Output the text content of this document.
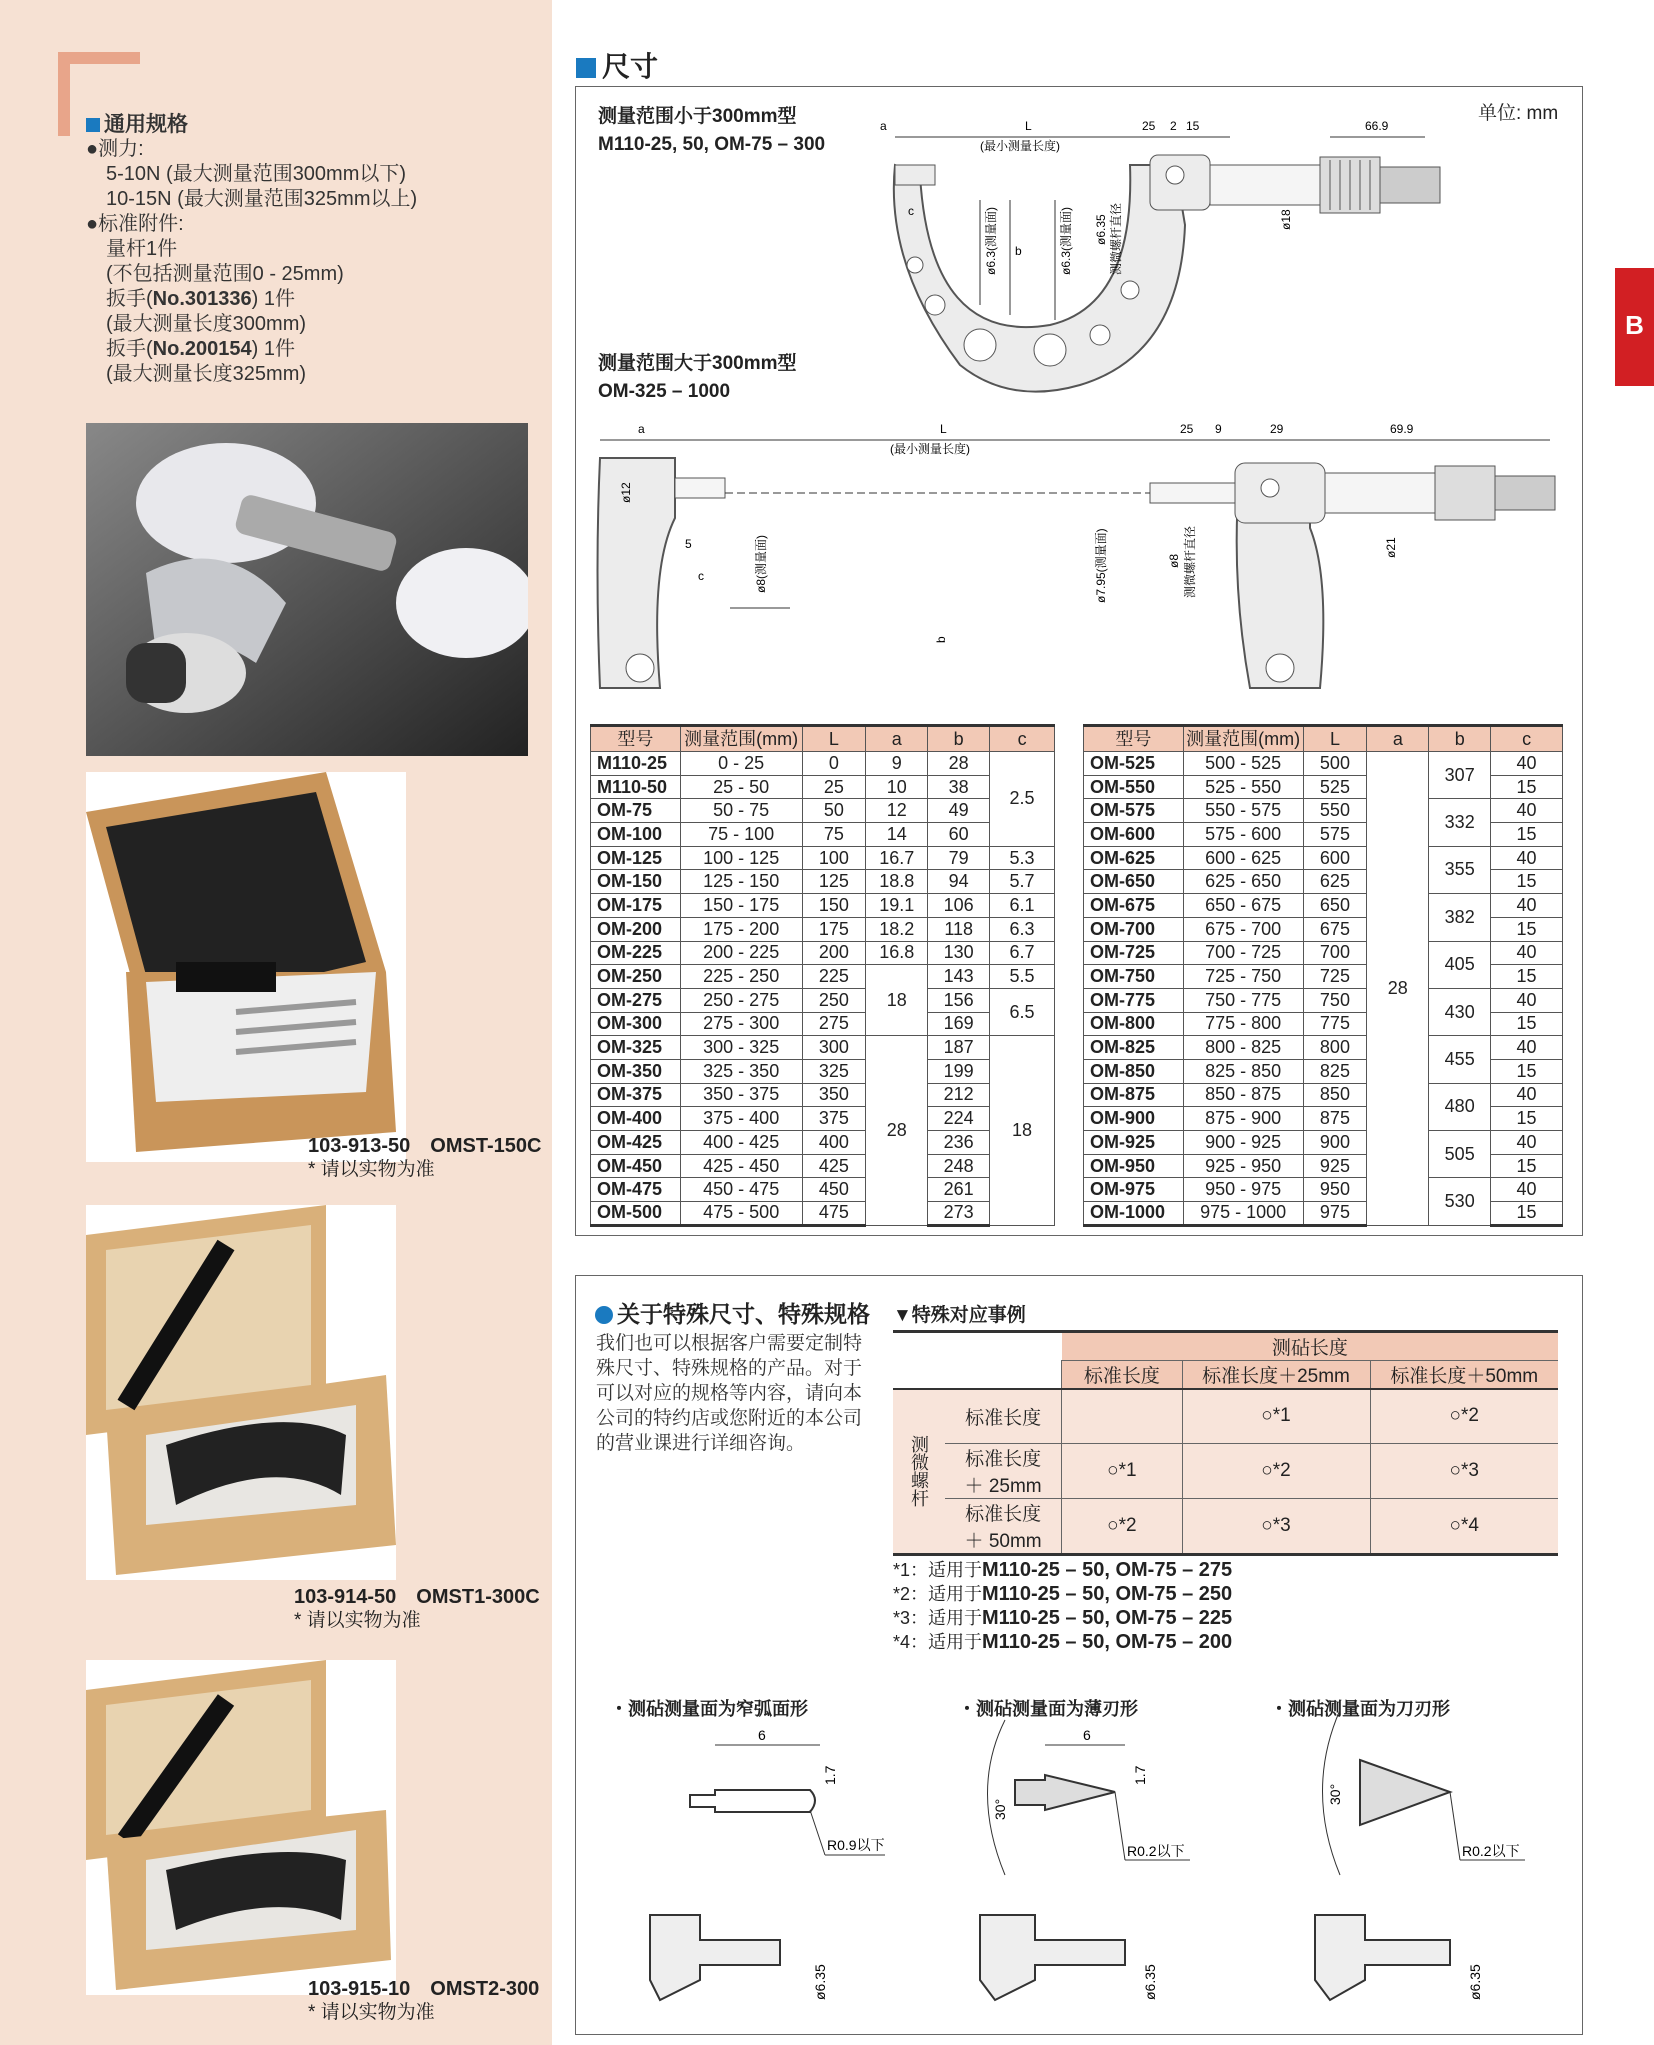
通用规格
●测力:
5-10N (最大测量范围300mm以下)
10-15N (最大测量范围325mm以上)
●标准附件:
量杆1件
(不包括测量范围0 - 25mm)
扳手(No.301336) 1件
(最大测量长度300mm)
扳手(No.200154) 1件
(最大测量长度325mm)
103-913-50　OMST-150C
* 请以实物为准
103-914-50　OMST1-300C
* 请以实物为准
103-915-10　OMST2-300
* 请以实物为准
尺寸
B
单位: mm
测量范围小于300mm型
M110-25, 50, OM-75 – 300
测量范围大于300mm型
OM-325 – 1000
a	L
(最小测量长度)
25 2 15	66.9
c
b
ø6.3(测量面)	ø6.3(测量面) ø6.35 测微螺杆直径	ø18
a	L
(最小测量长度)
25 9	29	69.9
ø12
5
c
b
ø8(测量面)	ø7.95(测量面)	ø8 测微螺杆直径	ø21
型号	测量范围(mm)	L	a	b	c
M110-25	0 - 25	0	9	28	2.5
M110-50	25 - 50	25	10	38	
OM-75	50 - 75	50	12	49	
OM-100	75 - 100	75	14	60	
OM-125	100 - 125	100	16.7	79	5.3
OM-150	125 - 150	125	18.8	94	5.7
OM-175	150 - 175	150	19.1	106	6.1
OM-200	175 - 200	175	18.2	118	6.3
OM-225	200 - 225	200	16.8	130	6.7
OM-250	225 - 250	225	18	143	5.5
OM-275	250 - 275	250		156	6.5
OM-300	275 - 300	275		169	
OM-325	300 - 325	300	28	187	18
OM-350	325 - 350	325		199	
OM-375	350 - 375	350		212	
OM-400	375 - 400	375		224	
OM-425	400 - 425	400		236	
OM-450	425 - 450	425		248	
OM-475	450 - 475	450		261	
OM-500	475 - 500	475		273	
型号	测量范围(mm)	L	a	b	c
OM-525	500 - 525	500	28	307	40
OM-550	525 - 550	525			15
OM-575	550 - 575	550		332	40
OM-600	575 - 600	575			15
OM-625	600 - 625	600		355	40
OM-650	625 - 650	625			15
OM-675	650 - 675	650		382	40
OM-700	675 - 700	675			15
OM-725	700 - 725	700		405	40
OM-750	725 - 750	725			15
OM-775	750 - 775	750		430	40
OM-800	775 - 800	775			15
OM-825	800 - 825	800		455	40
OM-850	825 - 850	825			15
OM-875	850 - 875	850		480	40
OM-900	875 - 900	875			15
OM-925	900 - 925	900		505	40
OM-950	925 - 950	925			15
OM-975	950 - 975	950		530	40
OM-1000	975 - 1000	975			15
关于特殊尺寸、特殊规格
我们也可以根据客户需要定制特殊尺寸、特殊规格的产品。对于可以对应的规格等内容，请向本公司的特约店或您附近的本公司的营业课进行详细咨询。
▼特殊对应事例
		测砧长度		
		标准长度	标准长度＋25mm	标准长度＋50mm
测微螺杆	标准长度		○*1	○*2
	标准长度
＋ 25mm	○*1	○*2	○*3
	标准长度
＋ 50mm	○*2	○*3	○*4
*1：适用于M110-25 – 50, OM-75 – 275
*2：适用于M110-25 – 50, OM-75 – 250
*3：适用于M110-25 – 50, OM-75 – 225
*4：适用于M110-25 – 50, OM-75 – 200
・测砧测量面为窄弧面形	・测砧测量面为薄刃形	・测砧测量面为刀刃形
6
1.7
R0.9以下
ø6.35
6
1.7
30°
R0.2以下
ø6.35
30°
R0.2以下
ø6.35
